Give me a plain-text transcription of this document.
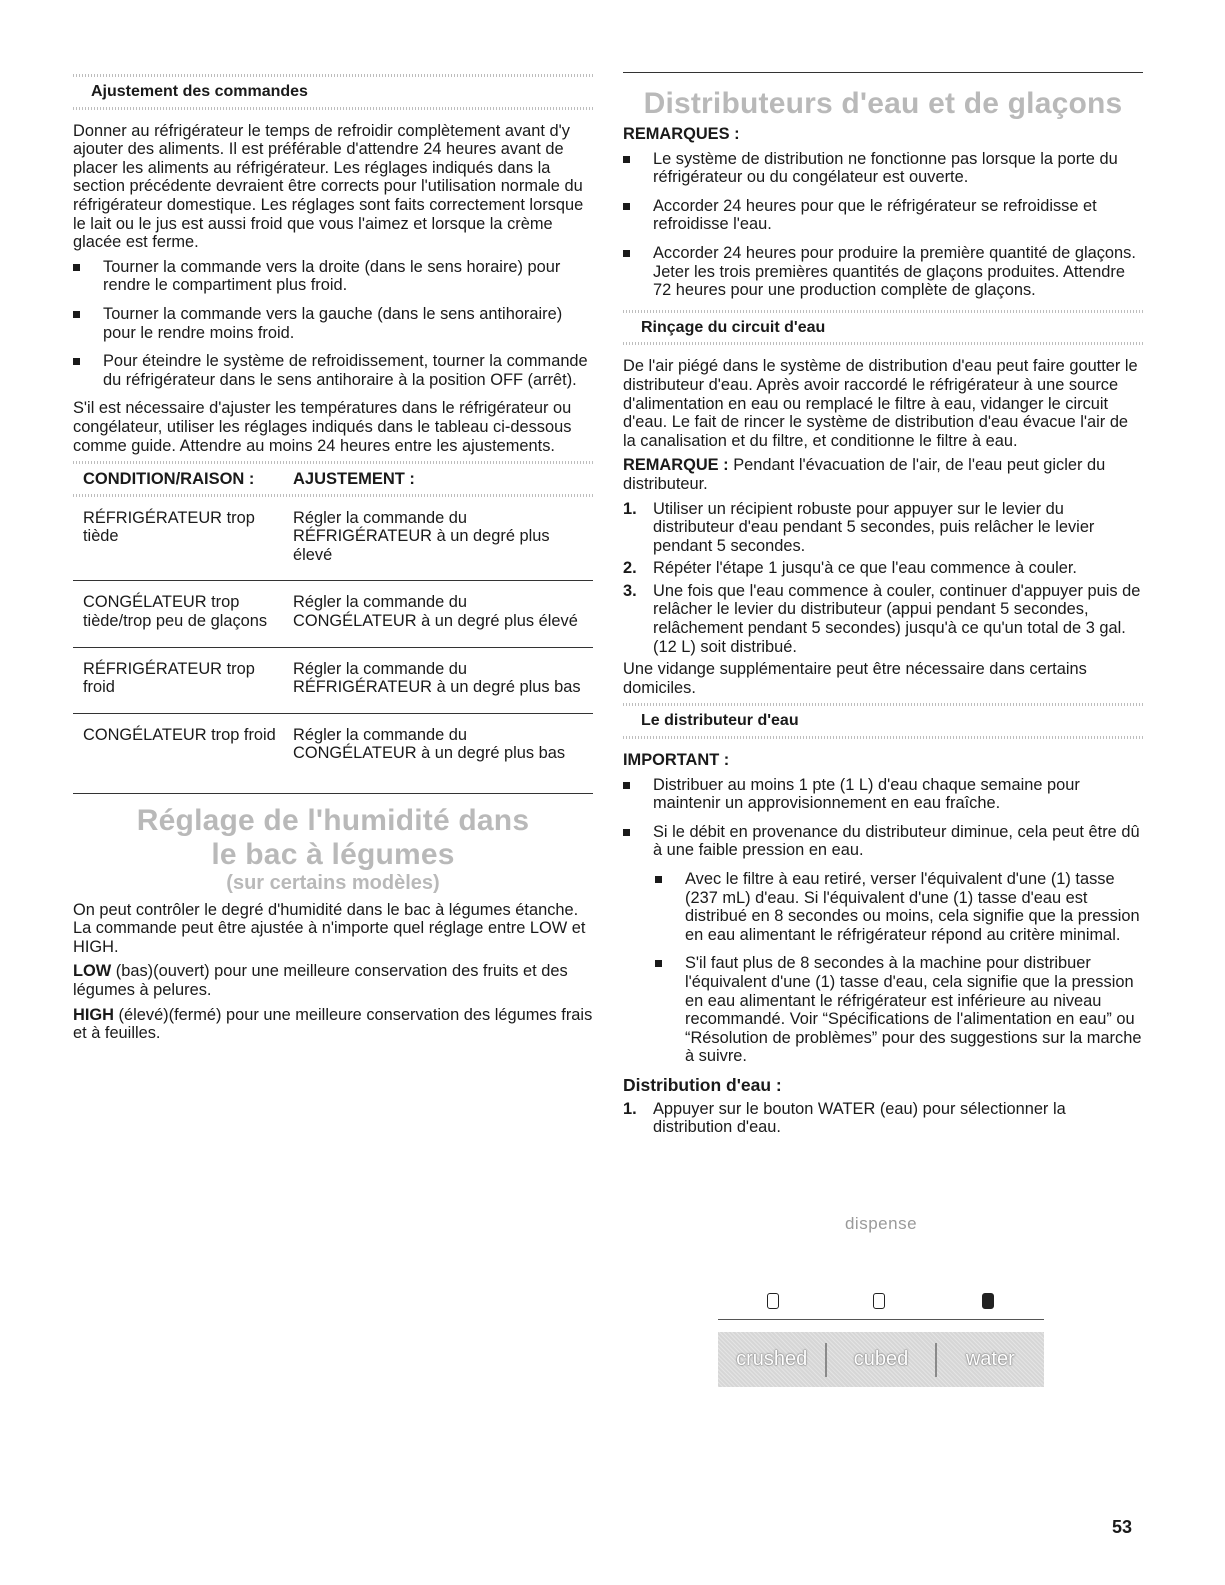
Ajustement des commandes

Donner au réfrigérateur le temps de refroidir complètement avant d'y ajouter des aliments. Il est préférable d'attendre 24 heures avant de placer les aliments au réfrigérateur. Les réglages indiqués dans la section précédente devraient être corrects pour l'utilisation normale du réfrigérateur domestique. Les réglages sont faits correctement lorsque le lait ou le jus est aussi froid que vous l'aimez et lorsque la crème glacée est ferme.

Tourner la commande vers la droite (dans le sens horaire) pour rendre le compartiment plus froid.
Tourner la commande vers la gauche (dans le sens antihoraire) pour le rendre moins froid.
Pour éteindre le système de refroidissement, tourner la commande du réfrigérateur dans le sens antihoraire à la position OFF (arrêt).

S'il est nécessaire d'ajuster les températures dans le réfrigérateur ou congélateur, utiliser les réglages indiqués dans le tableau ci-dessous comme guide. Attendre au moins 24 heures entre les ajustements.

CONDITION/RAISON :	AJUSTEMENT :
RÉFRIGÉRATEUR trop tiède	Régler la commande du RÉFRIGÉRATEUR à un degré plus élevé
CONGÉLATEUR trop tiède/trop peu de glaçons	Régler la commande du CONGÉLATEUR à un degré plus élevé
RÉFRIGÉRATEUR trop froid	Régler la commande du RÉFRIGÉRATEUR à un degré plus bas
CONGÉLATEUR trop froid	Régler la commande du CONGÉLATEUR à un degré plus bas
Réglage de l'humidité dans
le bac à légumes
(sur certains modèles)

On peut contrôler le degré d'humidité dans le bac à légumes étanche. La commande peut être ajustée à n'importe quel réglage entre LOW et HIGH.

LOW (bas)(ouvert) pour une meilleure conservation des fruits et des légumes à pelures.

HIGH (élevé)(fermé) pour une meilleure conservation des légumes frais et à feuilles.

Distributeurs d'eau et de glaçons
REMARQUES :
Le système de distribution ne fonctionne pas lorsque la porte du réfrigérateur ou du congélateur est ouverte.
Accorder 24 heures pour que le réfrigérateur se refroidisse et refroidisse l'eau.
Accorder 24 heures pour produire la première quantité de glaçons. Jeter les trois premières quantités de glaçons produites. Attendre 72 heures pour une production complète de glaçons.
Rinçage du circuit d'eau

De l'air piégé dans le système de distribution d'eau peut faire goutter le distributeur d'eau. Après avoir raccordé le réfrigérateur à une source d'alimentation en eau ou remplacé le filtre à eau, vidanger le circuit d'eau. Le fait de rincer le système de distribution d'eau évacue l'air de la canalisation et du filtre, et conditionne le filtre à eau.

REMARQUE : Pendant l'évacuation de l'air, de l'eau peut gicler du distributeur.

1. Utiliser un récipient robuste pour appuyer sur le levier du distributeur d'eau pendant 5 secondes, puis relâcher le levier pendant 5 secondes.
2. Répéter l'étape 1 jusqu'à ce que l'eau commence à couler.
3. Une fois que l'eau commence à couler, continuer d'appuyer puis de relâcher le levier du distributeur (appui pendant 5 secondes, relâchement pendant 5 secondes) jusqu'à ce qu'un total de 3 gal. (12 L) soit distribué.

Une vidange supplémentaire peut être nécessaire dans certains domiciles.

Le distributeur d'eau
IMPORTANT :
Distribuer au moins 1 pte (1 L) d'eau chaque semaine pour maintenir un approvisionnement en eau fraîche.
Si le débit en provenance du distributeur diminue, cela peut être dû à une faible pression en eau.
Avec le filtre à eau retiré, verser l'équivalent d'une (1) tasse (237 mL) d'eau. Si l'équivalent d'une (1) tasse d'eau est distribué en 8 secondes ou moins, cela signifie que la pression en eau alimentant le réfrigérateur répond au critère minimal.
S'il faut plus de 8 secondes à la machine pour distribuer l'équivalent d'une (1) tasse d'eau, cela signifie que la pression en eau alimentant le réfrigérateur est inférieure au niveau recommandé. Voir “Spécifications de l'alimentation en eau” ou “Résolution de problèmes” pour des suggestions sur la marche à suivre.
Distribution d'eau :
1. Appuyer sur le bouton WATER (eau) pour sélectionner la distribution d'eau.
dispense
crushed	cubed	water
53
